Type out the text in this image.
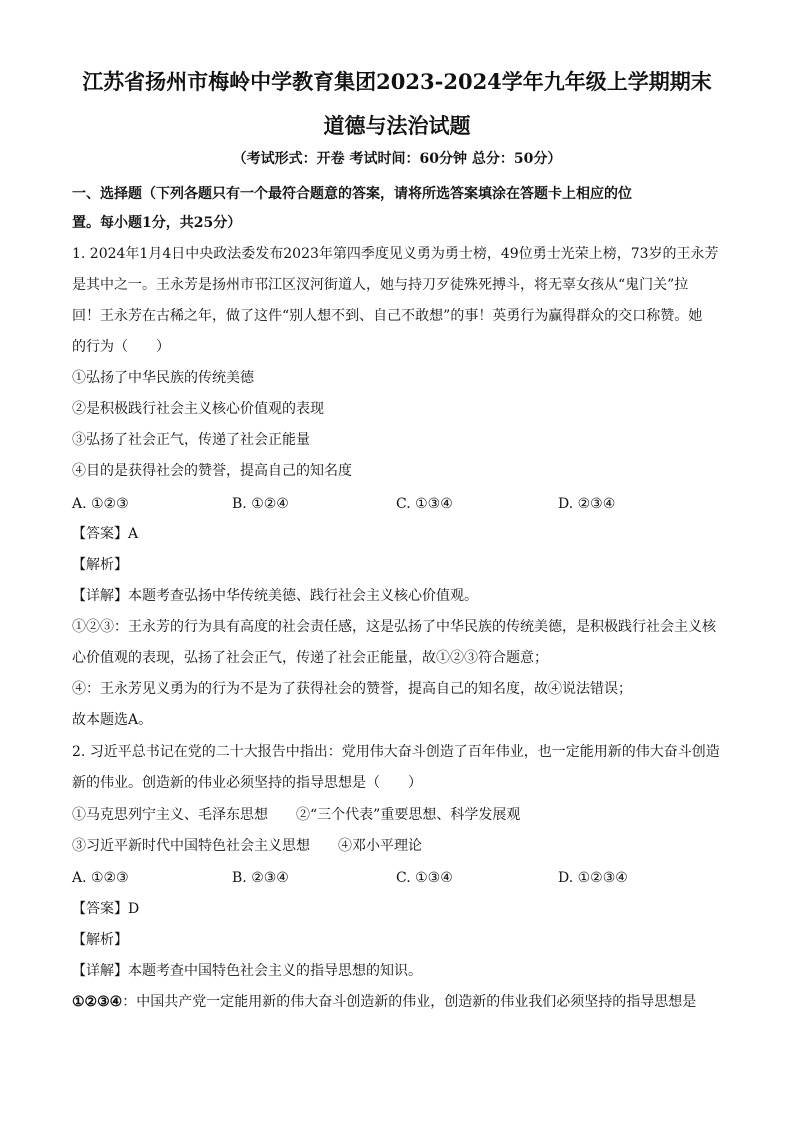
江苏省扬州市梅岭中学教育集团2023-2024学年九年级上学期期末
道德与法治试题
（考试形式：开卷 考试时间：60分钟 总分：50分）
一、选择题（下列各题只有一个最符合题意的答案，请将所选答案填涂在答题卡上相应的位
置。每小题1分，共25分）
1. 2024年1月4日中央政法委发布2023年第四季度见义勇为勇士榜，49位勇士光荣上榜，73岁的王永芳
是其中之一。王永芳是扬州市邗江区汊河街道人，她与持刀歹徒殊死搏斗，将无辜女孩从“鬼门关”拉
回！王永芳在古稀之年，做了这件“别人想不到、自己不敢想”的事！英勇行为赢得群众的交口称赞。她
的行为（　　）
①弘扬了中华民族的传统美德
②是积极践行社会主义核心价值观的表现
③弘扬了社会正气，传递了社会正能量
④目的是获得社会的赞誉，提高自己的知名度
A. ①②③	B. ①②④	C. ①③④	D. ②③④
【答案】A
【解析】
【详解】本题考查弘扬中华传统美德、践行社会主义核心价值观。
①②③：王永芳的行为具有高度的社会责任感，这是弘扬了中华民族的传统美德，是积极践行社会主义核
心价值观的表现，弘扬了社会正气，传递了社会正能量，故①②③符合题意；
④：王永芳见义勇为的行为不是为了获得社会的赞誉，提高自己的知名度，故④说法错误；
故本题选A。
2. 习近平总书记在党的二十大报告中指出：党用伟大奋斗创造了百年伟业，也一定能用新的伟大奋斗创造
新的伟业。创造新的伟业必须坚持的指导思想是（　　）
①马克思列宁主义、毛泽东思想 ②“三个代表”重要思想、科学发展观
③习近平新时代中国特色社会主义思想 ④邓小平理论
A. ①②③	B. ②③④	C. ①③④	D. ①②③④
【答案】D
【解析】
【详解】本题考查中国特色社会主义的指导思想的知识。
①②③④：中国共产党一定能用新的伟大奋斗创造新的伟业，创造新的伟业我们必须坚持的指导思想是
